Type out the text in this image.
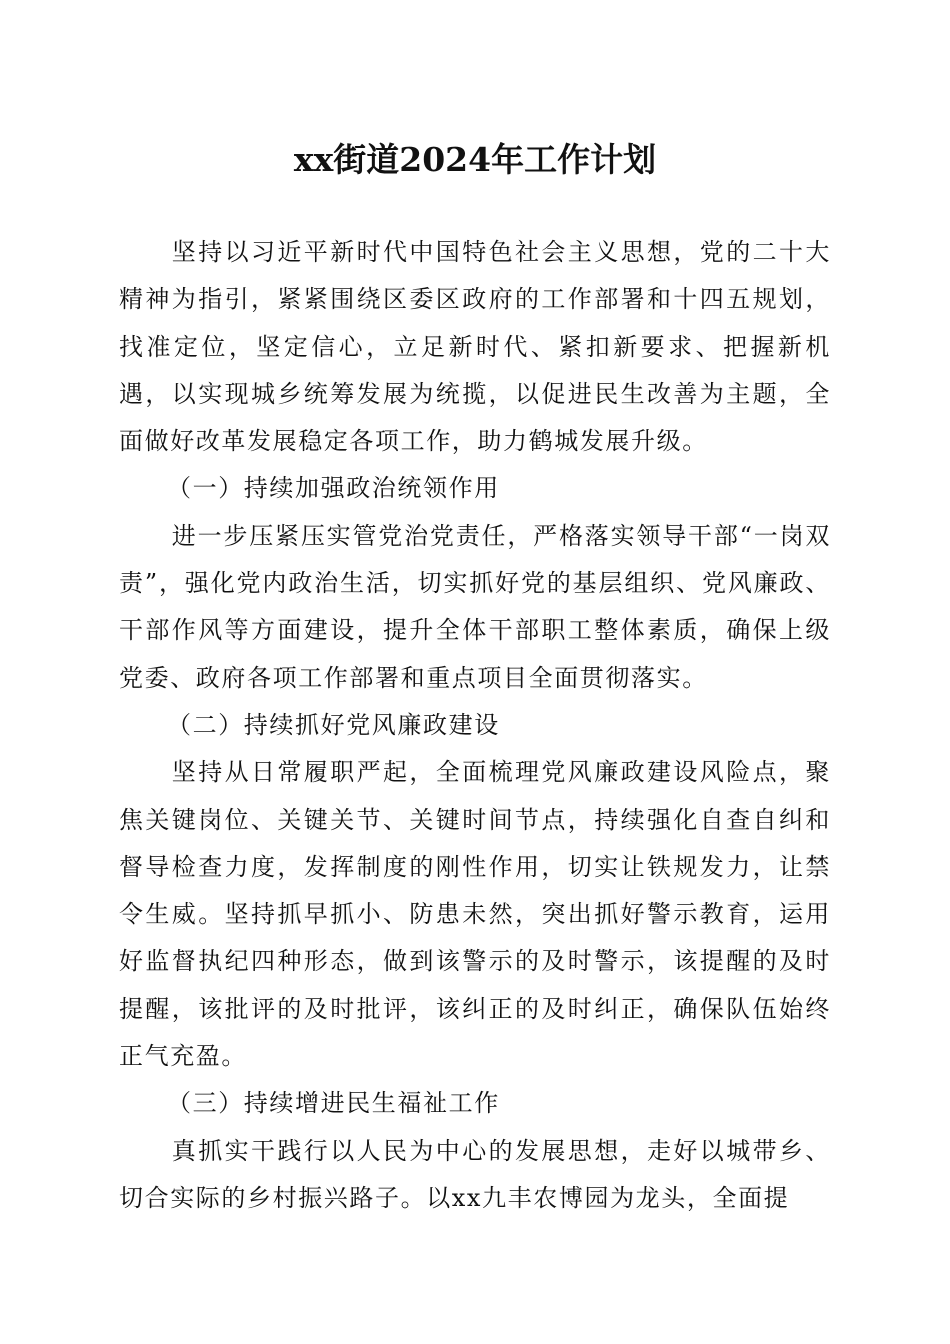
xx街道2024年工作计划

坚持以习近平新时代中国特色社会主义思想，党的二十大精神为指引，紧紧围绕区委区政府的工作部署和十四五规划，找准定位，坚定信心，立足新时代、紧扣新要求、把握新机遇，以实现城乡统筹发展为统揽，以促进民生改善为主题，全面做好改革发展稳定各项工作，助力鹤城发展升级。

（一）持续加强政治统领作用

进一步压紧压实管党治党责任，严格落实领导干部“一岗双责”，强化党内政治生活，切实抓好党的基层组织、党风廉政、干部作风等方面建设，提升全体干部职工整体素质，确保上级党委、政府各项工作部署和重点项目全面贯彻落实。

（二）持续抓好党风廉政建设

坚持从日常履职严起，全面梳理党风廉政建设风险点，聚焦关键岗位、关键关节、关键时间节点，持续强化自查自纠和督导检查力度，发挥制度的刚性作用，切实让铁规发力，让禁令生威。坚持抓早抓小、防患未然，突出抓好警示教育，运用好监督执纪四种形态，做到该警示的及时警示，该提醒的及时提醒，该批评的及时批评，该纠正的及时纠正，确保队伍始终正气充盈。

（三）持续增进民生福祉工作

真抓实干践行以人民为中心的发展思想，走好以城带乡、切合实际的乡村振兴路子。以xx九丰农博园为龙头，全面提
